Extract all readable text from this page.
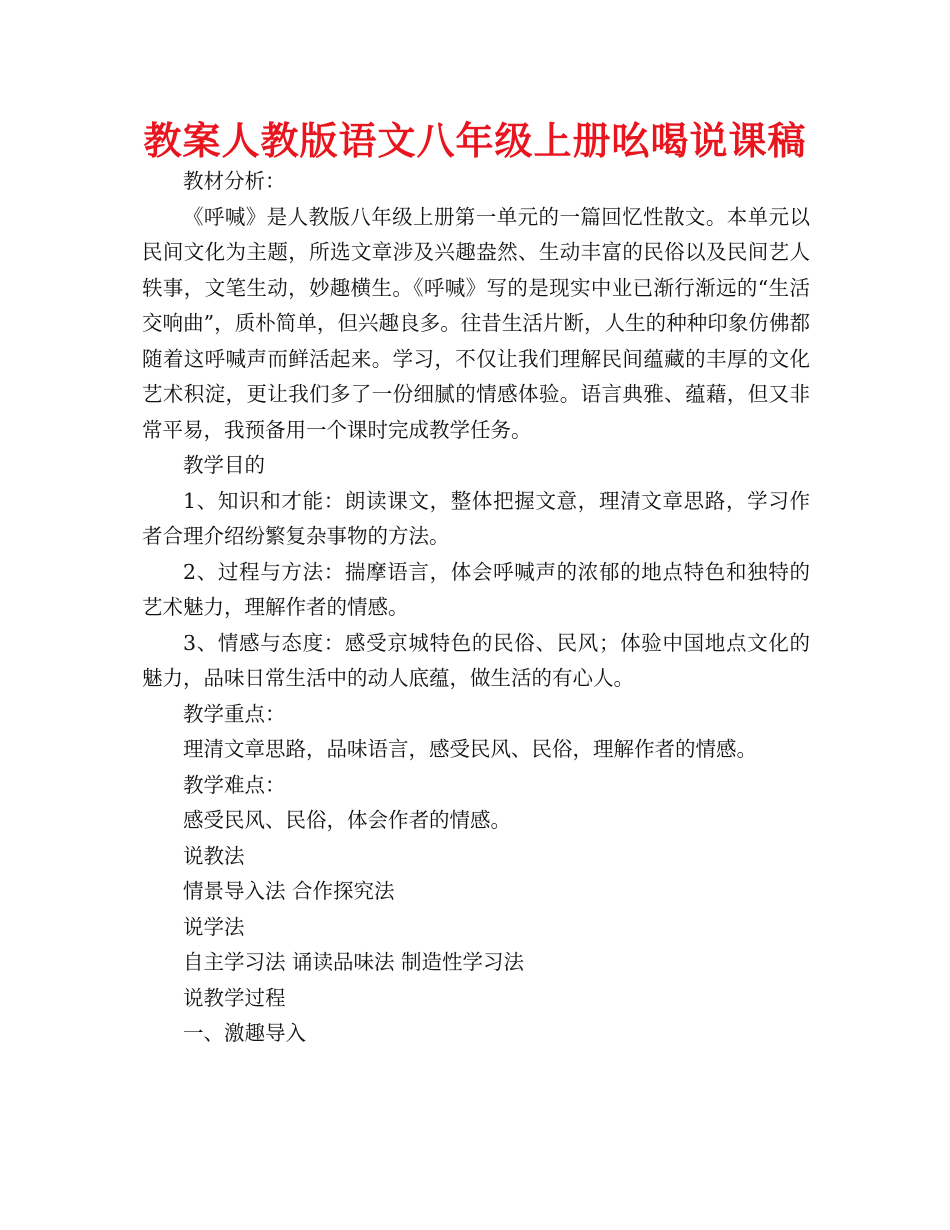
教案人教版语文八年级上册吆喝说课稿

教材分析：

《呼喊》是人教版八年级上册第一单元的一篇回忆性散文。本单元以民间文化为主题，所选文章涉及兴趣盎然、生动丰富的民俗以及民间艺人轶事，文笔生动，妙趣横生。《呼喊》写的是现实中业已渐行渐远的“生活交响曲”，质朴简单，但兴趣良多。往昔生活片断，人生的种种印象仿佛都随着这呼喊声而鲜活起来。学习，不仅让我们理解民间蕴藏的丰厚的文化艺术积淀，更让我们多了一份细腻的情感体验。语言典雅、蕴藉，但又非常平易，我预备用一个课时完成教学任务。

教学目的

1、知识和才能：朗读课文，整体把握文意，理清文章思路，学习作者合理介绍纷繁复杂事物的方法。

2、过程与方法：揣摩语言，体会呼喊声的浓郁的地点特色和独特的艺术魅力，理解作者的情感。

3、情感与态度：感受京城特色的民俗、民风；体验中国地点文化的魅力，品味日常生活中的动人底蕴，做生活的有心人。

教学重点：

理清文章思路，品味语言，感受民风、民俗，理解作者的情感。

教学难点：

感受民风、民俗，体会作者的情感。

说教法

情景导入法 合作探究法

说学法

自主学习法 诵读品味法 制造性学习法

说教学过程

一、激趣导入
